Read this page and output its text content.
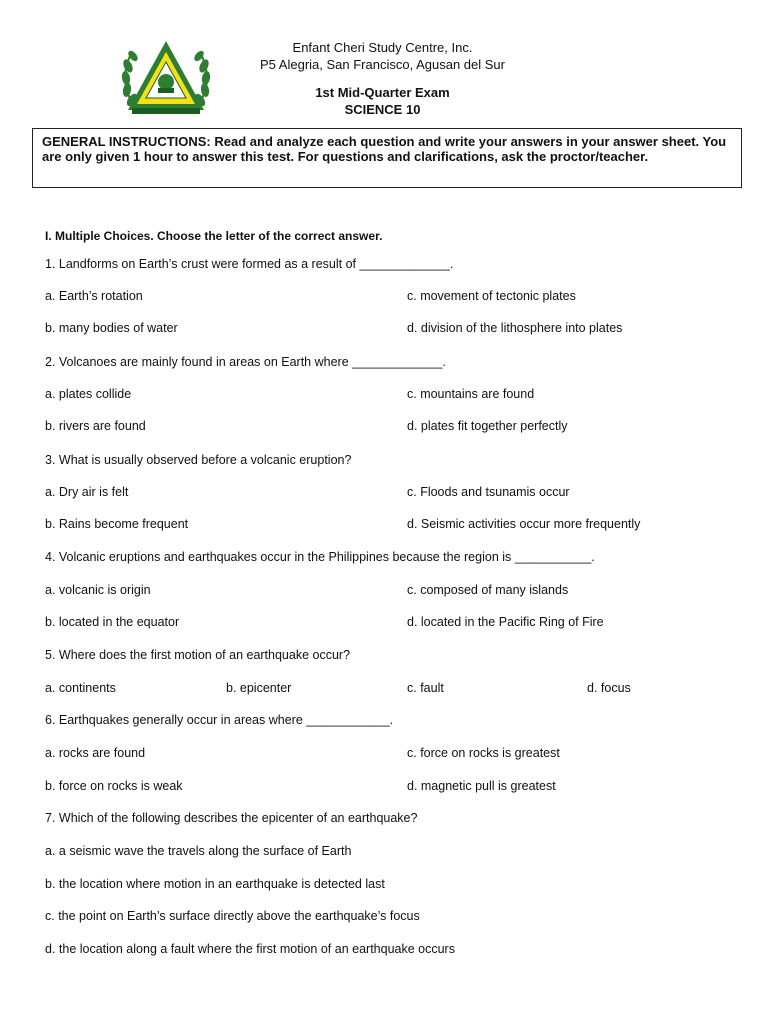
Enfant Cheri Study Centre, Inc.
P5 Alegria, San Francisco, Agusan del Sur
1st Mid-Quarter Exam
SCIENCE 10
GENERAL INSTRUCTIONS: Read and analyze each question and write your answers in your answer sheet. You are only given 1 hour to answer this test. For questions and clarifications, ask the proctor/teacher.
I. Multiple Choices. Choose the letter of the correct answer.
1. Landforms on Earth’s crust were formed as a result of _____________.
a. Earth’s rotation	c. movement of tectonic plates
b. many bodies of water	d. division of the lithosphere into plates
2. Volcanoes are mainly found in areas on Earth where _____________.
a. plates collide	c. mountains are found
b. rivers are found	d. plates fit together perfectly
3. What is usually observed before a volcanic eruption?
a. Dry air is felt	c. Floods and tsunamis occur
b. Rains become frequent	d. Seismic activities occur more frequently
4. Volcanic eruptions and earthquakes occur in the Philippines because the region is ___________.
a. volcanic is origin	c. composed of many islands
b. located in the equator	d. located in the Pacific Ring of Fire
5. Where does the first motion of an earthquake occur?
a. continents	b. epicenter	c. fault	d. focus
6. Earthquakes generally occur in areas where ____________.
a. rocks are found	c. force on rocks is greatest
b. force on rocks is weak	d. magnetic pull is greatest
7. Which of the following describes the epicenter of an earthquake?
a. a seismic wave the travels along the surface of Earth
b. the location where motion in an earthquake is detected last
c. the point on Earth’s surface directly above the earthquake’s focus
d. the location along a fault where the first motion of an earthquake occurs
